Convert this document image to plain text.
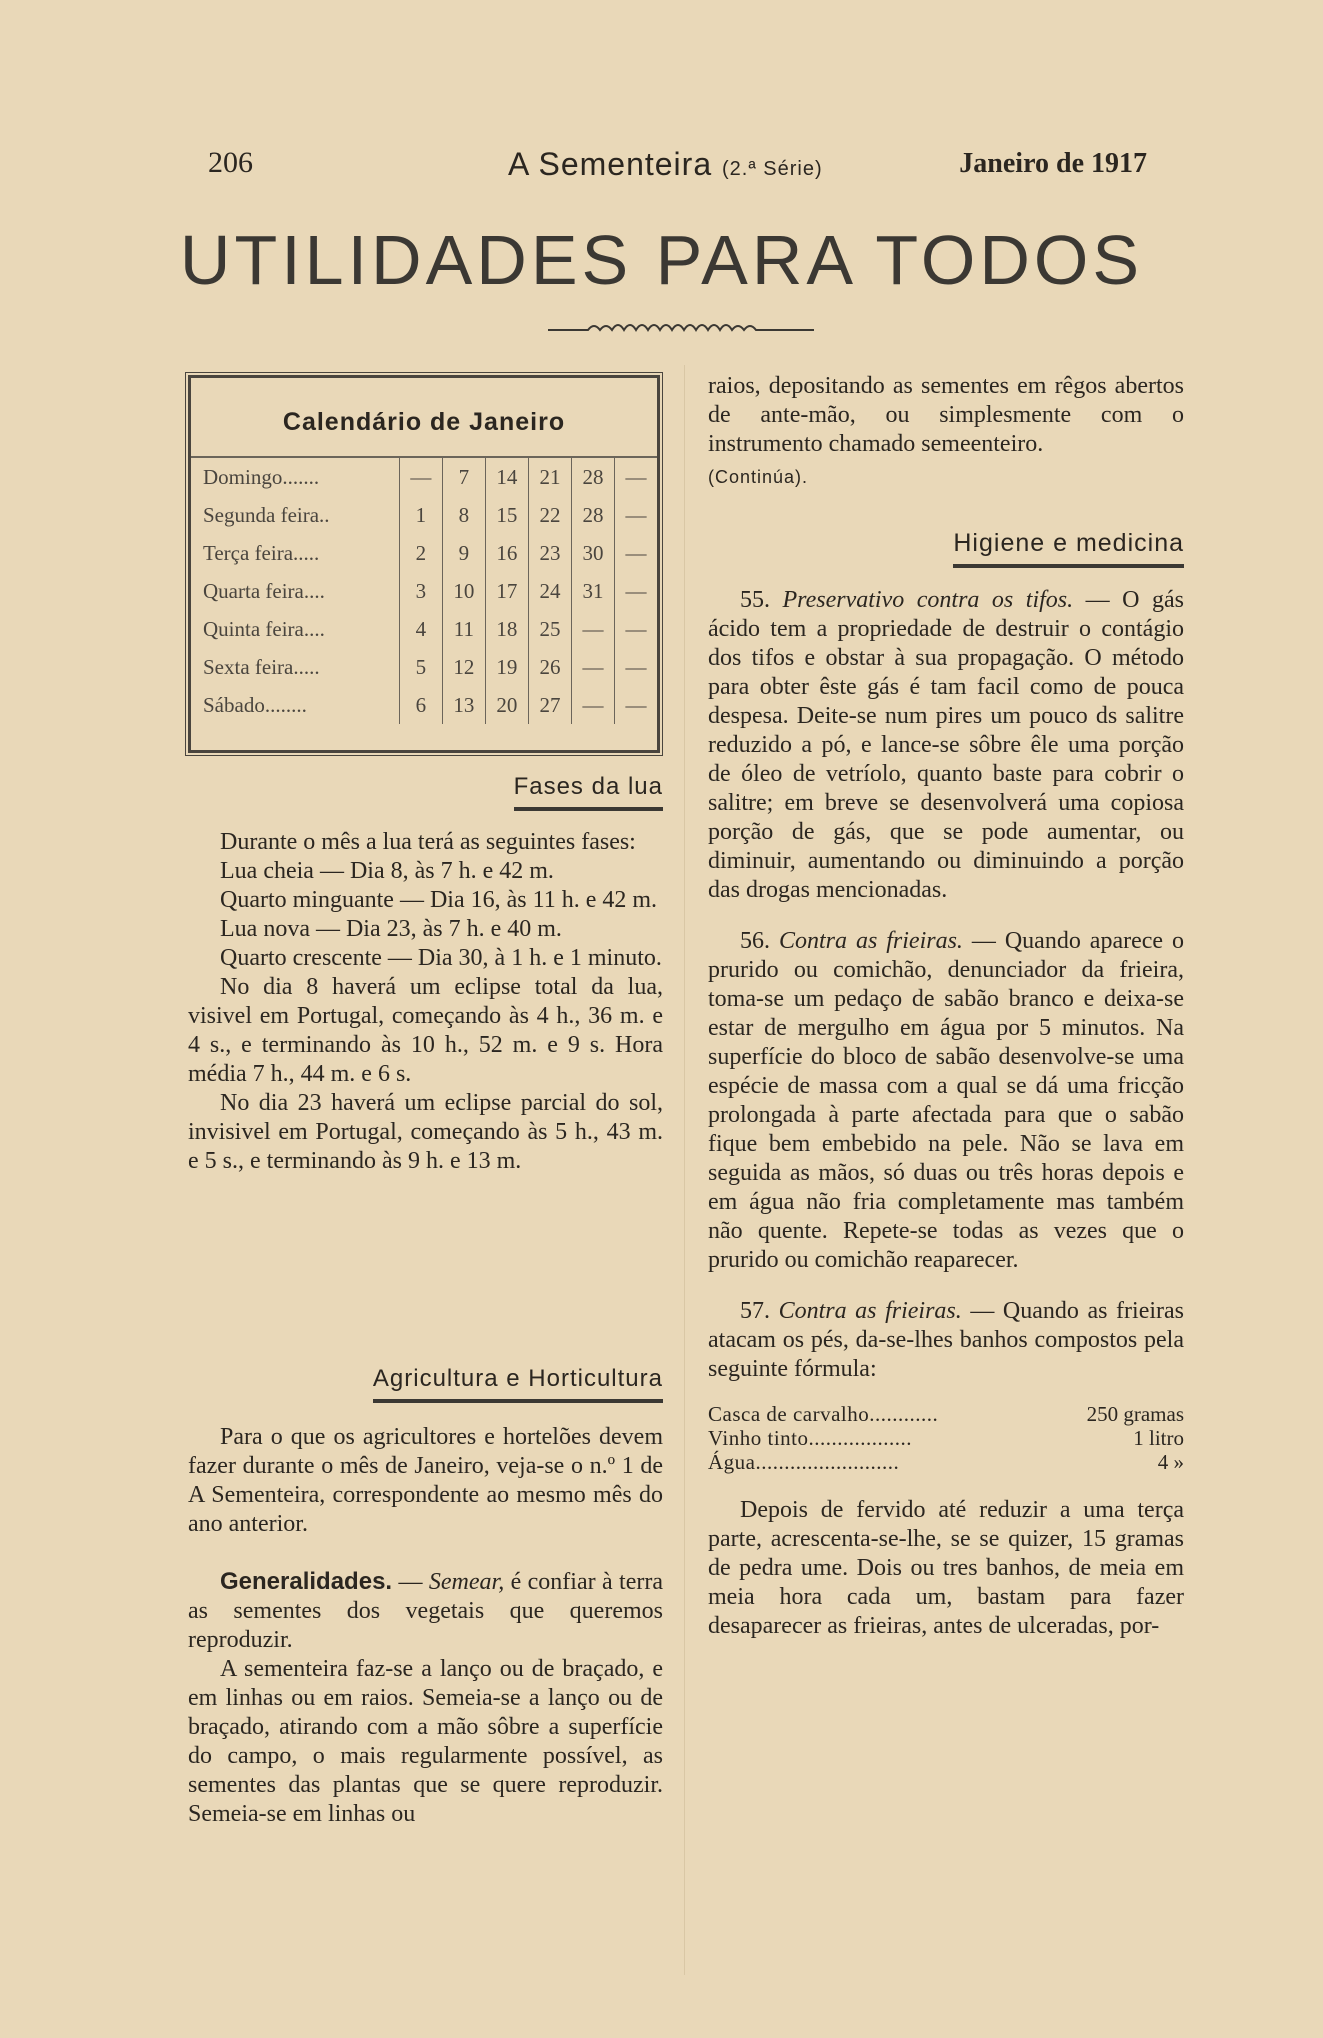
206	A Sementeira (2.ª Série)	Janeiro de 1917
UTILIDADES PARA TODOS
Calendário de Janeiro
Domingo.......	—	7	14	21	28	—
Segunda feira..	1	8	15	22	28	—
Terça feira.....	2	9	16	23	30	—
Quarta feira....	3	10	17	24	31	—
Quinta feira....	4	11	18	25	—	—
Sexta feira.....	5	12	19	26	—	—
Sábado........	6	13	20	27	—	—
Fases da lua

Durante o mês a lua terá as seguintes fases:

Lua cheia — Dia 8, às 7 h. e 42 m.

Quarto minguante — Dia 16, às 11 h. e 42 m.

Lua nova — Dia 23, às 7 h. e 40 m.

Quarto crescente — Dia 30, à 1 h. e 1 minuto.

No dia 8 haverá um eclipse total da lua, visivel em Portugal, começando às 4 h., 36 m. e 4 s., e terminando às 10 h., 52 m. e 9 s. Hora média 7 h., 44 m. e 6 s.

No dia 23 haverá um eclipse parcial do sol, invisivel em Portugal, começando às 5 h., 43 m. e 5 s., e terminando às 9 h. e 13 m.

Agricultura e Horticultura

Para o que os agricultores e hortelões devem fazer durante o mês de Janeiro, veja-se o n.º 1 de A Sementeira, correspondente ao mesmo mês do ano anterior.

Generalidades. — Semear, é confiar à terra as sementes dos vegetais que queremos reproduzir.

A sementeira faz-se a lanço ou de braçado, e em linhas ou em raios. Semeia-se a lanço ou de braçado, atirando com a mão sôbre a superfície do campo, o mais regularmente possível, as sementes das plantas que se quere reproduzir. Semeia-se em linhas ou

raios, depositando as sementes em rêgos abertos de ante-mão, ou simplesmente com o instrumento chamado semeenteiro.

(Continúa).

Higiene e medicina

55. Preservativo contra os tifos. — O gás ácido tem a propriedade de destruir o contágio dos tifos e obstar à sua propagação. O método para obter êste gás é tam facil como de pouca despesa. Deite-se num pires um pouco ds salitre reduzido a pó, e lance-se sôbre êle uma porção de óleo de vetríolo, quanto baste para cobrir o salitre; em breve se desenvolverá uma copiosa porção de gás, que se pode aumentar, ou diminuir, aumentando ou diminuindo a porção das drogas mencionadas.

56. Contra as frieiras. — Quando aparece o prurido ou comichão, denunciador da frieira, toma-se um pedaço de sabão branco e deixa-se estar de mergulho em água por 5 minutos. Na superfície do bloco de sabão desenvolve-se uma espécie de massa com a qual se dá uma fricção prolongada à parte afectada para que o sabão fique bem embebido na pele. Não se lava em seguida as mãos, só duas ou três horas depois e em água não fria completamente mas também não quente. Repete-se todas as vezes que o prurido ou comichão reaparecer.

57. Contra as frieiras. — Quando as frieiras atacam os pés, da-se-lhes banhos compostos pela seguinte fórmula:

Casca de carvalho............	250 gramas
Vinho tinto..................	1 litro
Água.........................	4 »

Depois de fervido até reduzir a uma terça parte, acrescenta-se-lhe, se se quizer, 15 gramas de pedra ume. Dois ou tres banhos, de meia em meia hora cada um, bastam para fazer desaparecer as frieiras, antes de ulceradas, por-
